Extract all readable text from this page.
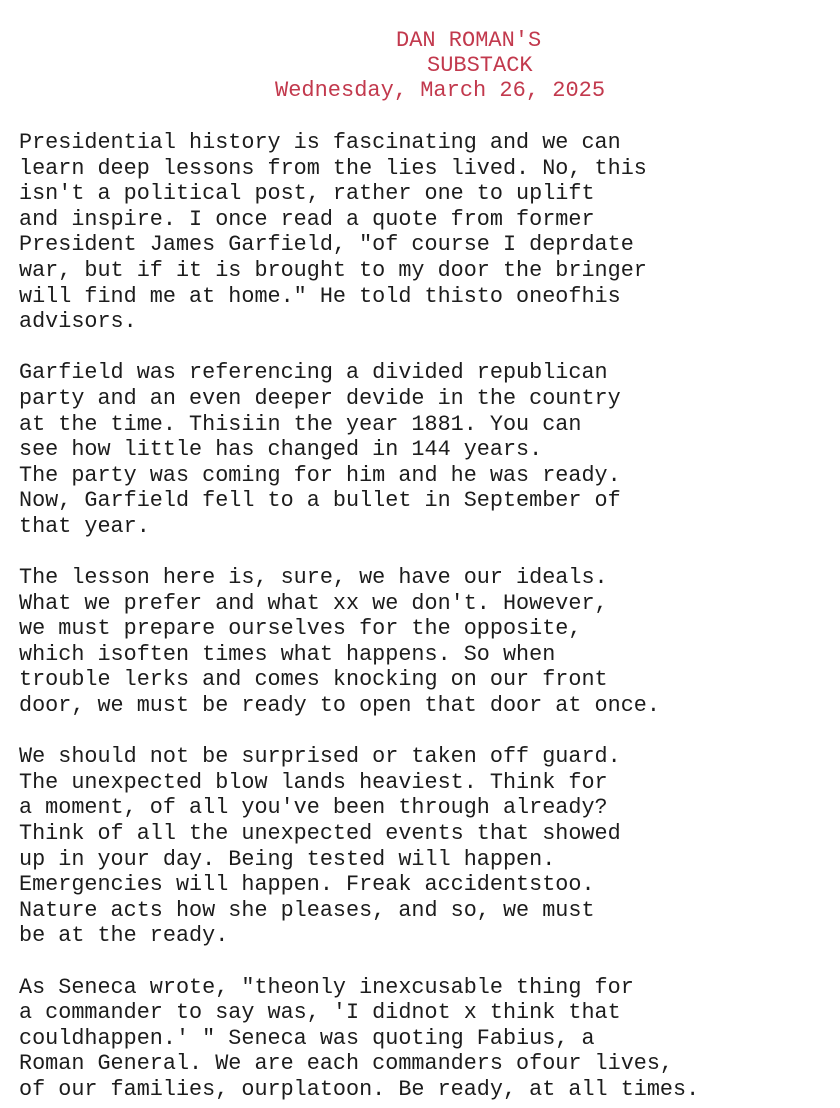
DAN ROMAN'S
SUBSTACK
Wednesday, March 26, 2025
Presidential history is fascinating and we can
learn deep lessons from the lies lived. No, this
isn't a political post, rather one to uplift
and inspire. I once read a quote from former
President James Garfield, "of course I deprdate
war, but if it is brought to my door the bringer
will find me at home." He told thisto oneofhis
advisors.
Garfield was referencing a divided republican
party and an even deeper devide in the country
at the time. Thisiin the year 1881. You can
see how little has changed in 144 years.
The party was coming for him and he was ready.
Now, Garfield fell to a bullet in September of
that year.
The lesson here is, sure, we have our ideals.
What we prefer and what xx we don't. However,
we must prepare ourselves for the opposite,
which isoften times what happens. So when
trouble lerks and comes knocking on our front
door, we must be ready to open that door at once.
We should not be surprised or taken off guard.
The unexpected blow lands heaviest. Think for
a moment, of all you've been through already?
Think of all the unexpected events that showed
up in your day. Being tested will happen.
Emergencies will happen. Freak accidentstoo.
Nature acts how she pleases, and so, we must
be at the ready.
As Seneca wrote, "theonly inexcusable thing for
a commander to say was, 'I didnot x think that
couldhappen.' " Seneca was quoting Fabius, a
Roman General. We are each commanders ofour lives,
of our families, ourplatoon. Be ready, at all times.
